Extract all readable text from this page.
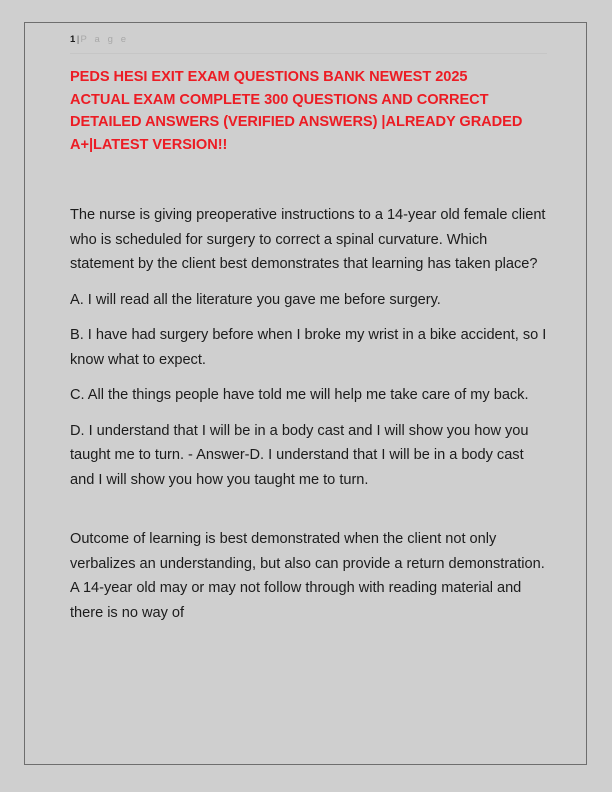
1|P a g e
PEDS HESI EXIT EXAM QUESTIONS BANK NEWEST 2025 ACTUAL EXAM COMPLETE 300 QUESTIONS AND CORRECT DETAILED ANSWERS (VERIFIED ANSWERS) |ALREADY GRADED A+|LATEST VERSION!!

The nurse is giving preoperative instructions to a 14-year old female client who is scheduled for surgery to correct a spinal curvature. Which statement by the client best demonstrates that learning has taken place?

A. I will read all the literature you gave me before surgery.

B. I have had surgery before when I broke my wrist in a bike accident, so I know what to expect.

C. All the things people have told me will help me take care of my back.

D. I understand that I will be in a body cast and I will show you how you taught me to turn. - Answer-D. I understand that I will be in a body cast and I will show you how you taught me to turn.

Outcome of learning is best demonstrated when the client not only verbalizes an understanding, but also can provide a return demonstration. A 14-year old may or may not follow through with reading material and there is no way of
